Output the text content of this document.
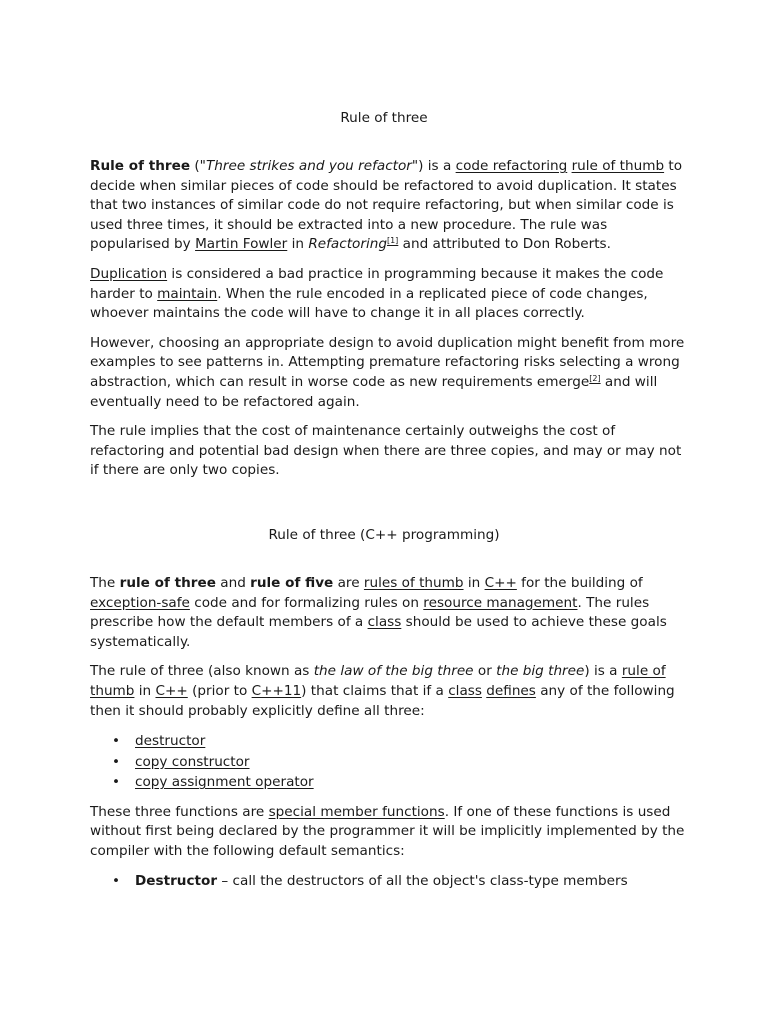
Rule of three

Rule of three ("Three strikes and you refactor") is a code refactoring rule of thumb to decide when similar pieces of code should be refactored to avoid duplication. It states that two instances of similar code do not require refactoring, but when similar code is used three times, it should be extracted into a new procedure. The rule was popularised by Martin Fowler in Refactoring[1] and attributed to Don Roberts.

Duplication is considered a bad practice in programming because it makes the code harder to maintain. When the rule encoded in a replicated piece of code changes, whoever maintains the code will have to change it in all places correctly.

However, choosing an appropriate design to avoid duplication might benefit from more examples to see patterns in. Attempting premature refactoring risks selecting a wrong abstraction, which can result in worse code as new requirements emerge[2] and will eventually need to be refactored again.

The rule implies that the cost of maintenance certainly outweighs the cost of refactoring and potential bad design when there are three copies, and may or may not if there are only two copies.

Rule of three (C++ programming)

The rule of three and rule of five are rules of thumb in C++ for the building of exception-safe code and for formalizing rules on resource management. The rules prescribe how the default members of a class should be used to achieve these goals systematically.

The rule of three (also known as the law of the big three or the big three) is a rule of thumb in C++ (prior to C++11) that claims that if a class defines any of the following then it should probably explicitly define all three:

• destructor
• copy constructor
• copy assignment operator

These three functions are special member functions. If one of these functions is used without first being declared by the programmer it will be implicitly implemented by the compiler with the following default semantics:

• Destructor – call the destructors of all the object's class-type members
